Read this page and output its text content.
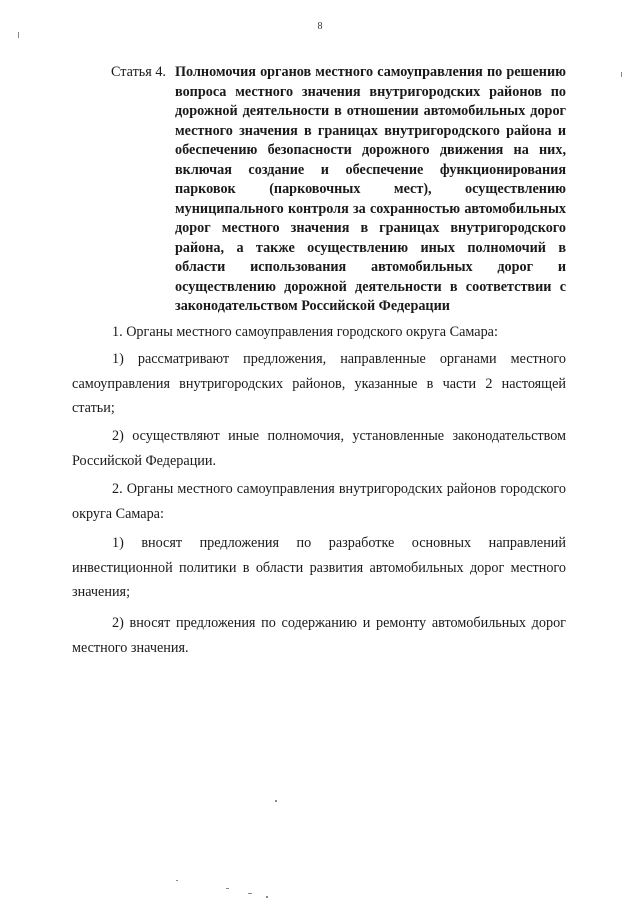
8
Статья 4. Полномочия органов местного самоуправления по решению вопроса местного значения внутригородских районов по дорожной деятельности в отношении автомобильных дорог местного значения в границах внутригородского района и обеспечению безопасности дорожного движения на них, включая создание и обеспечение функционирования парковок (парковочных мест), осуществлению муниципального контроля за сохранностью автомобильных дорог местного значения в границах внутригородского района, а также осуществлению иных полномочий в области использования автомобильных дорог и осуществлению дорожной деятельности в соответствии с законодательством Российской Федерации

1. Органы местного самоуправления городского округа Самара:

1) рассматривают предложения, направленные органами местного самоуправления внутригородских районов, указанные в части 2 настоящей статьи;

2) осуществляют иные полномочия, установленные законодательством Российской Федерации.

2. Органы местного самоуправления внутригородских районов городского округа Самара:

1) вносят предложения по разработке основных направлений инвестиционной политики в области развития автомобильных дорог местного значения;

2) вносят предложения по содержанию и ремонту автомобильных дорог местного значения.
